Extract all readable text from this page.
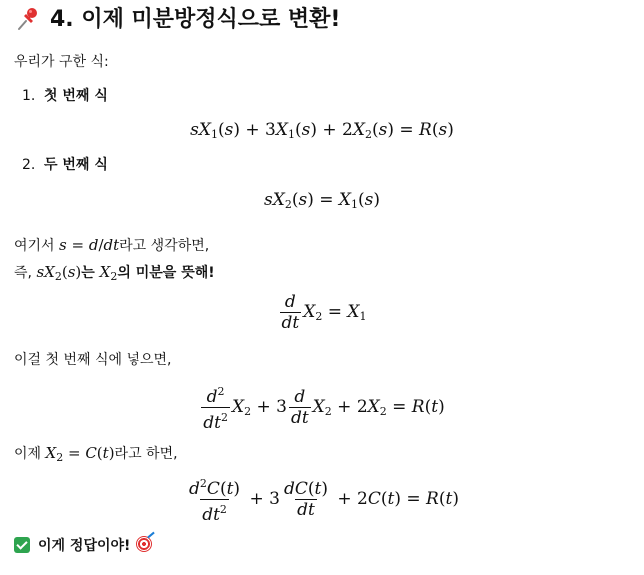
4. 이제 미분방정식으로 변환!
우리가 구한 식:
1. 첫 번째 식
$sX_1(s) + 3X_1(s) + 2X_2(s) = R(s)$
2. 두 번째 식
$sX_2(s) = X_1(s)$
여기서 s = d/dt라고 생각하면,
즉, $sX_2(s)$는 $X_2$의 미분을 뜻해!
$\frac{d}{dt} X_2 = X_1$
이걸 첫 번째 식에 넣으면,
$\frac{d^2}{dt^2} X_2 + 3 \frac{d}{dt} X_2 + 2X_2 = R(t)$
이제 $X_2 = C(t)$라고 하면,
$\frac{d^2C(t)}{dt^2} + 3 \frac{dC(t)}{dt} + 2C(t) = R(t)$
이게 정답이야!
